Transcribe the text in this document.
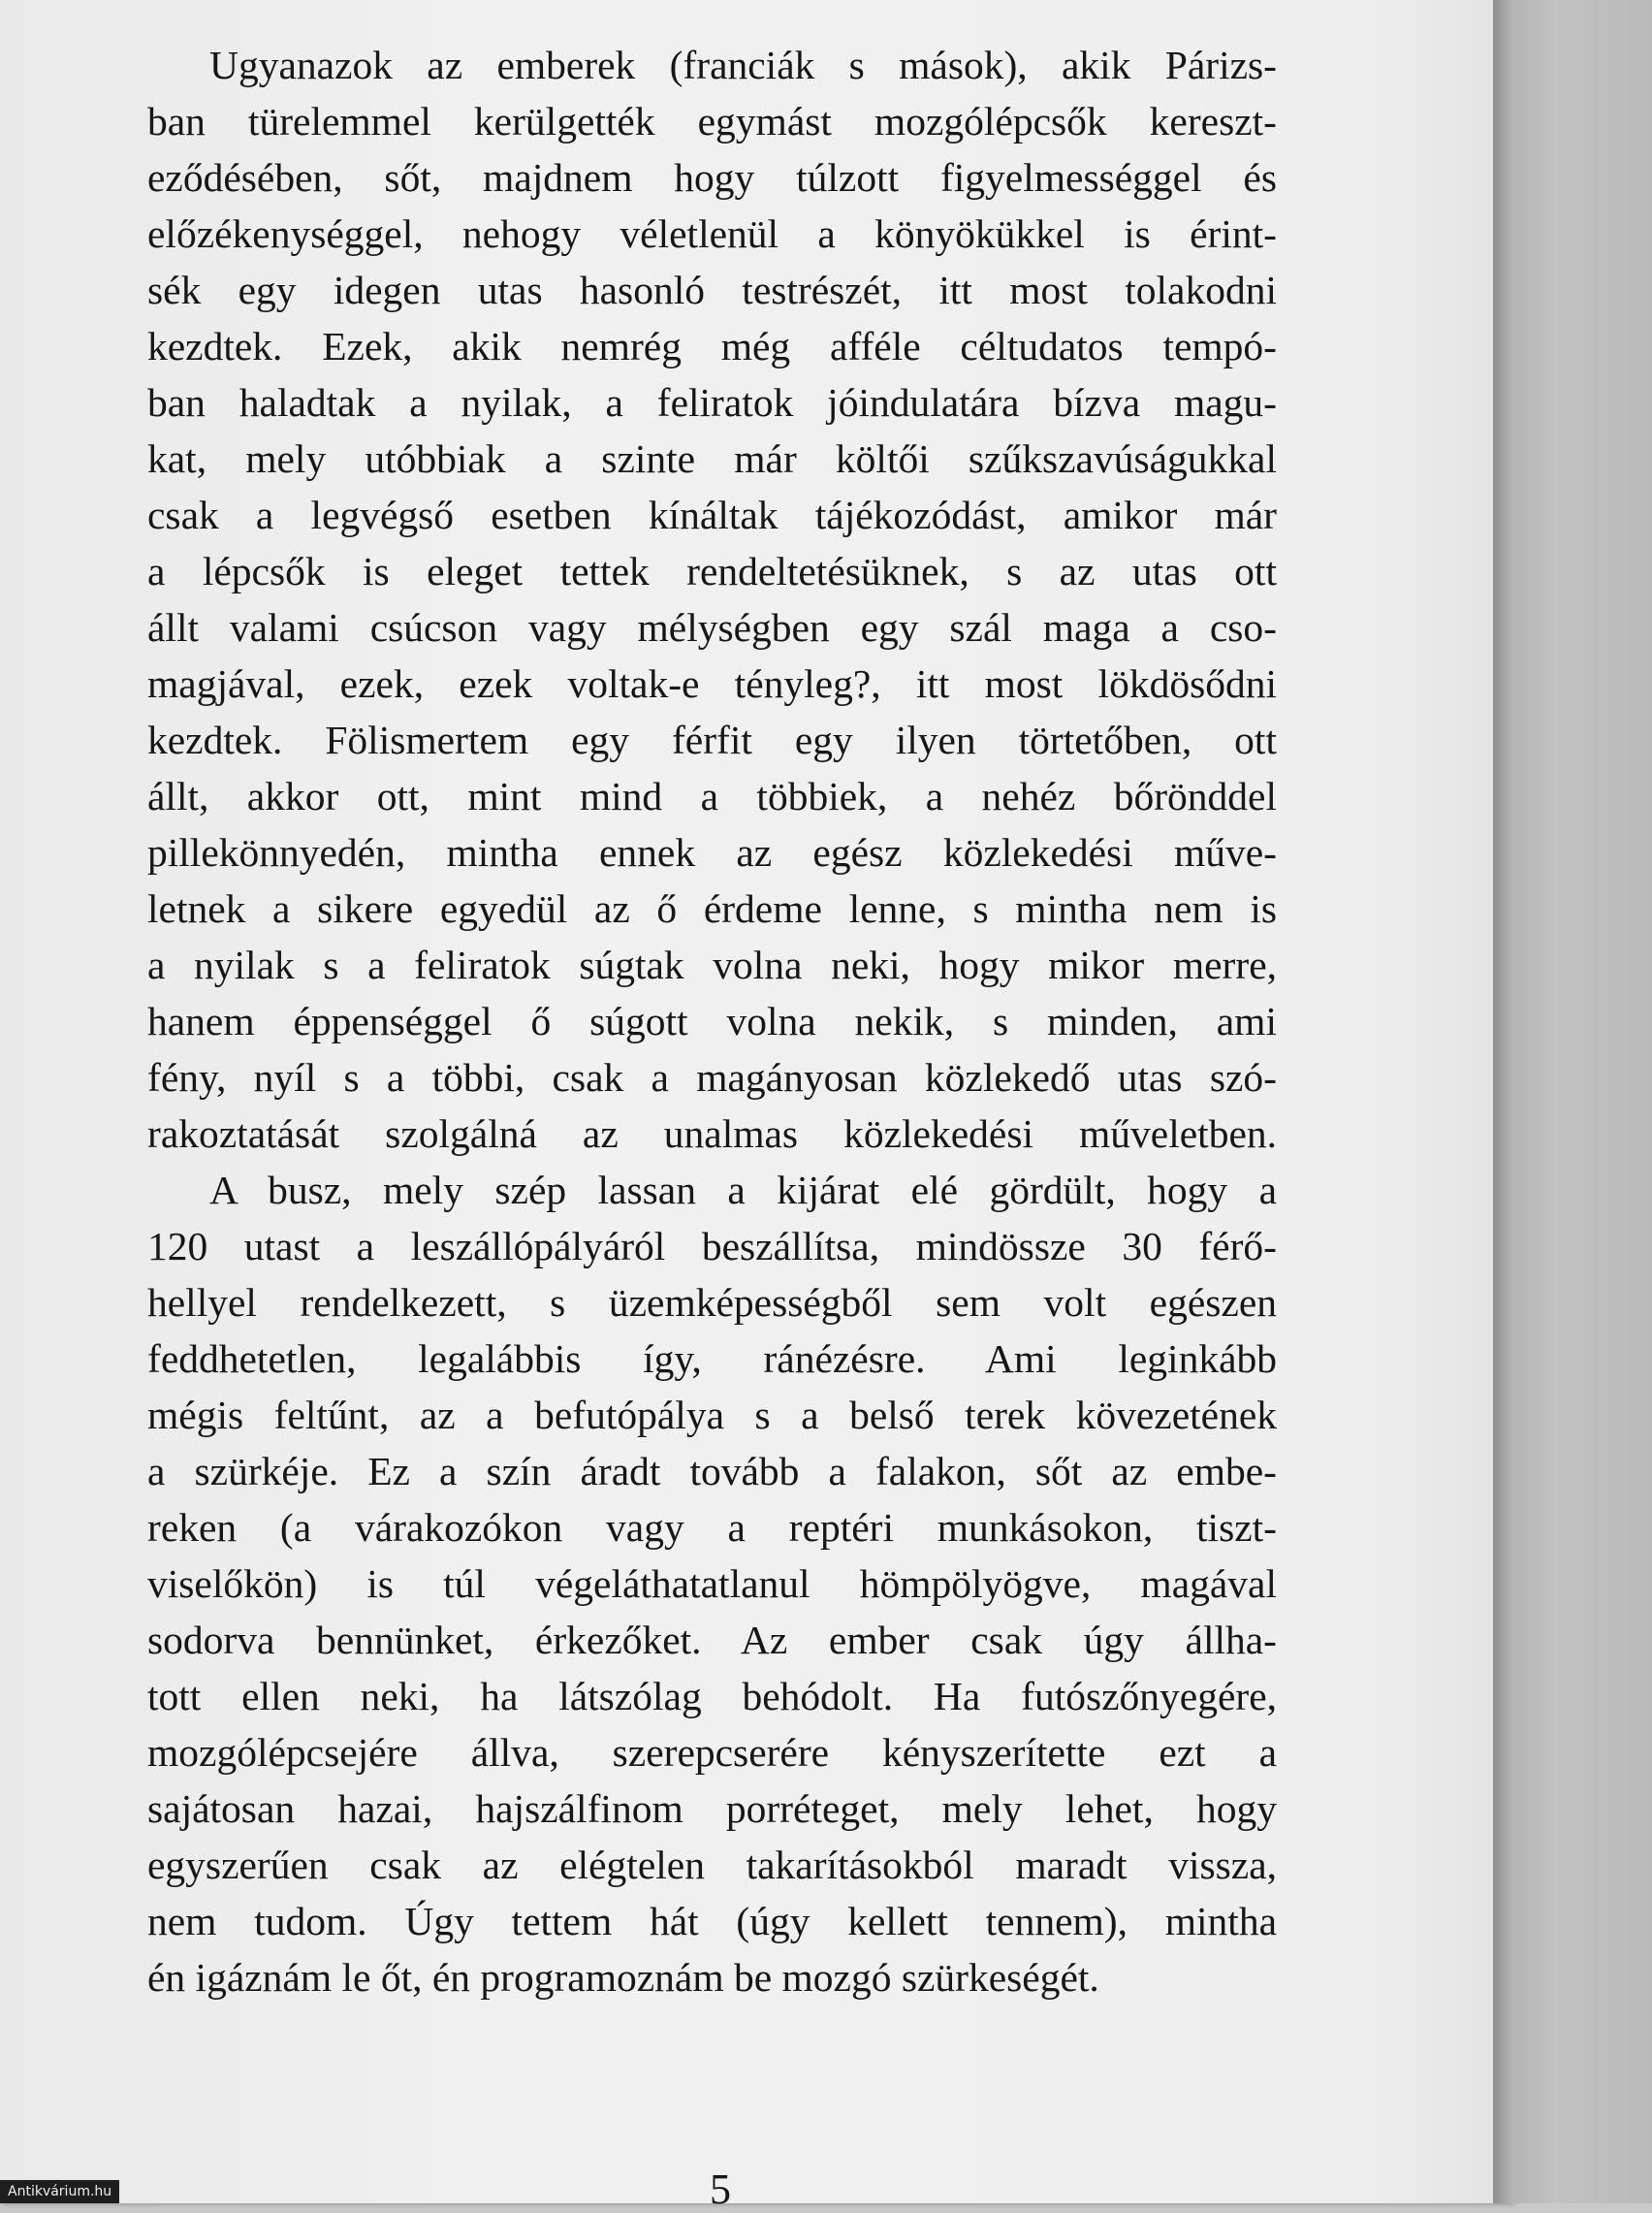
Ugyanazok az emberek (franciák s mások), akik Párizs-
ban türelemmel kerülgették egymást mozgólépcsők kereszt-
eződésében, sőt, majdnem hogy túlzott figyelmességgel és
előzékenységgel, nehogy véletlenül a könyökükkel is érint-
sék egy idegen utas hasonló testrészét, itt most tolakodni
kezdtek. Ezek, akik nemrég még afféle céltudatos tempó-
ban haladtak a nyilak, a feliratok jóindulatára bízva magu-
kat, mely utóbbiak a szinte már költői szűkszavúságukkal
csak a legvégső esetben kínáltak tájékozódást, amikor már
a lépcsők is eleget tettek rendeltetésüknek, s az utas ott
állt valami csúcson vagy mélységben egy szál maga a cso-
magjával, ezek, ezek voltak-e tényleg?, itt most lökdösődni
kezdtek. Fölismertem egy férfit egy ilyen törtetőben, ott
állt, akkor ott, mint mind a többiek, a nehéz bőrönddel
pillekönnyedén, mintha ennek az egész közlekedési műve-
letnek a sikere egyedül az ő érdeme lenne, s mintha nem is
a nyilak s a feliratok súgtak volna neki, hogy mikor merre,
hanem éppenséggel ő súgott volna nekik, s minden, ami
fény, nyíl s a többi, csak a magányosan közlekedő utas szó-
rakoztatását szolgálná az unalmas közlekedési műveletben.
A busz, mely szép lassan a kijárat elé gördült, hogy a
120 utast a leszállópályáról beszállítsa, mindössze 30 férő-
hellyel rendelkezett, s üzemképességből sem volt egészen
feddhetetlen, legalábbis így, ránézésre. Ami leginkább
mégis feltűnt, az a befutópálya s a belső terek kövezetének
a szürkéje. Ez a szín áradt tovább a falakon, sőt az embe-
reken (a várakozókon vagy a reptéri munkásokon, tiszt-
viselőkön) is túl végeláthatatlanul hömpölyögve, magával
sodorva bennünket, érkezőket. Az ember csak úgy állha-
tott ellen neki, ha látszólag behódolt. Ha futószőnyegére,
mozgólépcsejére állva, szerepcserére kényszerítette ezt a
sajátosan hazai, hajszálfinom porréteget, mely lehet, hogy
egyszerűen csak az elégtelen takarításokból maradt vissza,
nem tudom. Úgy tettem hát (úgy kellett tennem), mintha
én igáznám le őt, én programoznám be mozgó szürkeségét.
5
Antikvárium.hu
